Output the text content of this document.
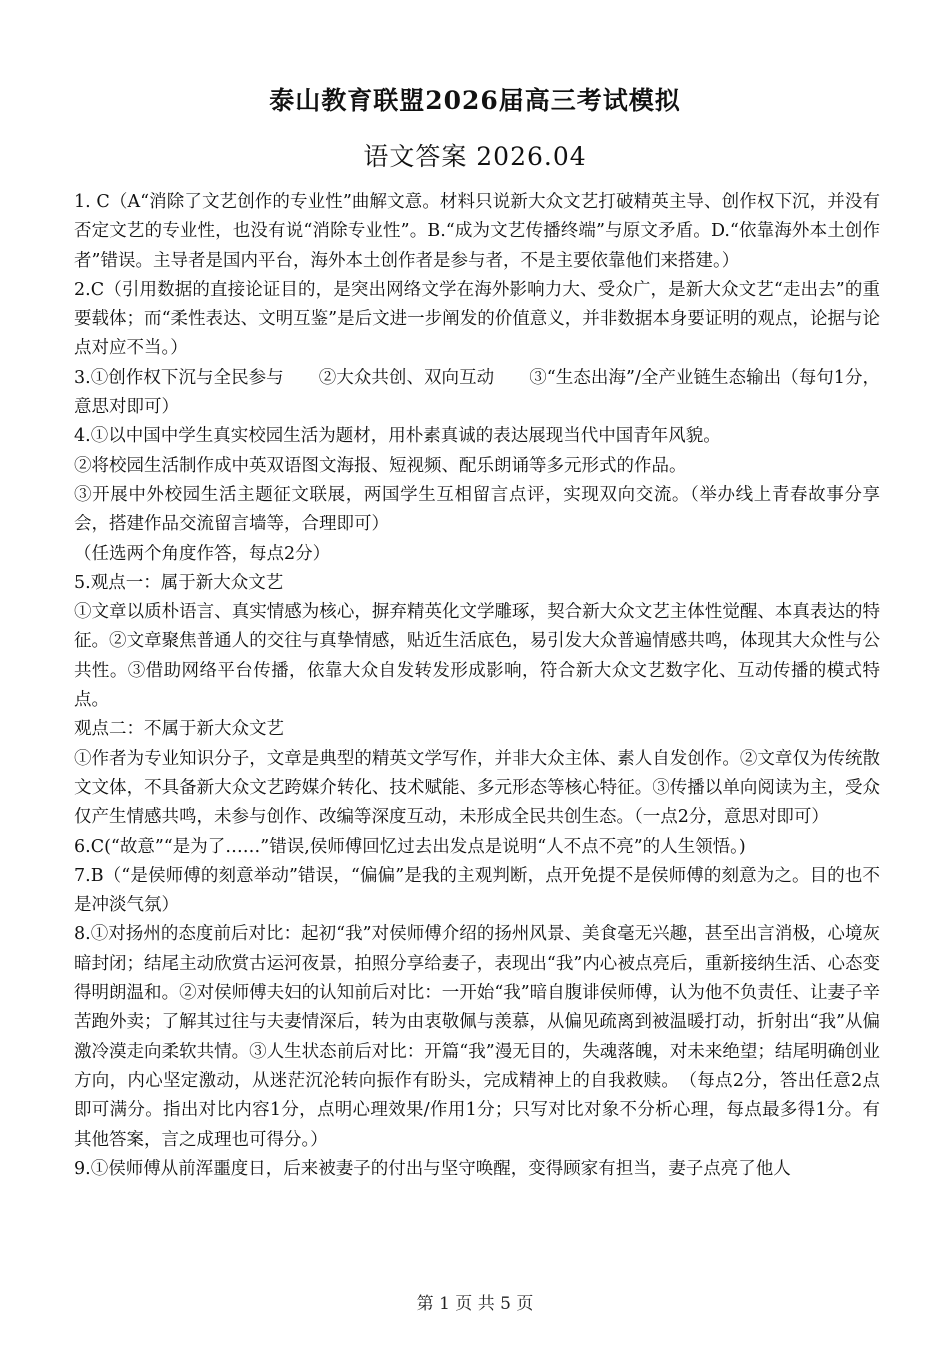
泰山教育联盟2026届高三考试模拟
语文答案 2026.04

1. C（A“消除了文艺创作的专业性”曲解文意。材料只说新大众文艺打破精英主导、创作权下沉，并没有否定文艺的专业性，也没有说“消除专业性”。B.“成为文艺传播终端”与原文矛盾。D.“依靠海外本土创作者”错误。主导者是国内平台，海外本土创作者是参与者，不是主要依靠他们来搭建。）

2.C（引用数据的直接论证目的，是突出网络文学在海外影响力大、受众广，是新大众文艺“走出去”的重要载体；而“柔性表达、文明互鉴”是后文进一步阐发的价值意义，并非数据本身要证明的观点，论据与论点对应不当。）

3.①创作权下沉与全民参与　　②大众共创、双向互动　　③“生态出海”/全产业链生态输出（每句1分，意思对即可）

4.①以中国中学生真实校园生活为题材，用朴素真诚的表达展现当代中国青年风貌。

②将校园生活制作成中英双语图文海报、短视频、配乐朗诵等多元形式的作品。

③开展中外校园生活主题征文联展，两国学生互相留言点评，实现双向交流。（举办线上青春故事分享会，搭建作品交流留言墙等，合理即可）

（任选两个角度作答，每点2分）

5.观点一：属于新大众文艺

①文章以质朴语言、真实情感为核心，摒弃精英化文学雕琢，契合新大众文艺主体性觉醒、本真表达的特征。②文章聚焦普通人的交往与真挚情感，贴近生活底色，易引发大众普遍情感共鸣，体现其大众性与公共性。③借助网络平台传播，依靠大众自发转发形成影响，符合新大众文艺数字化、互动传播的模式特点。

观点二：不属于新大众文艺

①作者为专业知识分子，文章是典型的精英文学写作，并非大众主体、素人自发创作。②文章仅为传统散文文体，不具备新大众文艺跨媒介转化、技术赋能、多元形态等核心特征。③传播以单向阅读为主，受众仅产生情感共鸣，未参与创作、改编等深度互动，未形成全民共创生态。（一点2分，意思对即可）

6.C(“故意”“是为了……”错误,侯师傅回忆过去出发点是说明“人不点不亮”的人生领悟。)

7.B（“是侯师傅的刻意举动”错误，“偏偏”是我的主观判断，点开免提不是侯师傅的刻意为之。目的也不是冲淡气氛）

8.①对扬州的态度前后对比：起初“我”对侯师傅介绍的扬州风景、美食毫无兴趣，甚至出言消极，心境灰暗封闭；结尾主动欣赏古运河夜景，拍照分享给妻子，表现出“我”内心被点亮后，重新接纳生活、心态变得明朗温和。②对侯师傅夫妇的认知前后对比：一开始“我”暗自腹诽侯师傅，认为他不负责任、让妻子辛苦跑外卖；了解其过往与夫妻情深后，转为由衷敬佩与羡慕，从偏见疏离到被温暖打动，折射出“我”从偏激冷漠走向柔软共情。③人生状态前后对比：开篇“我”漫无目的，失魂落魄，对未来绝望；结尾明确创业方向，内心坚定激动，从迷茫沉沦转向振作有盼头，完成精神上的自我救赎。　（每点2分，答出任意2点即可满分。指出对比内容1分，点明心理效果/作用1分；只写对比对象不分析心理，每点最多得1分。有其他答案，言之成理也可得分。）

9.①侯师傅从前浑噩度日，后来被妻子的付出与坚守唤醒，变得顾家有担当，妻子点亮了他人

第 1 页 共 5 页
